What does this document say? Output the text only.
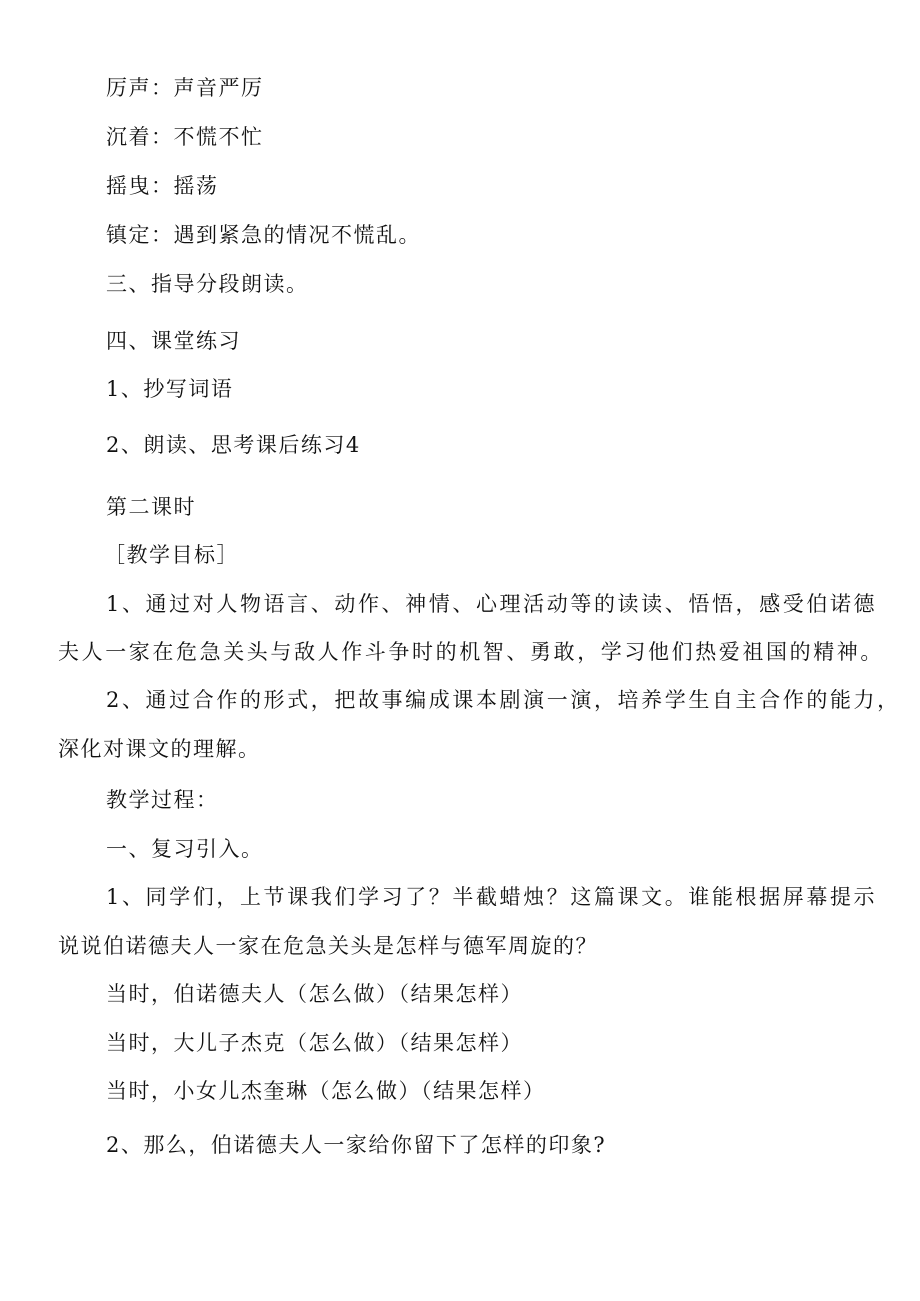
厉声：声音严厉
沉着：不慌不忙
摇曳：摇荡
镇定：遇到紧急的情况不慌乱。
三、指导分段朗读。
四、课堂练习
1、抄写词语
2、朗读、思考课后练习4
第二课时
［教学目标］
1、通过对人物语言、动作、神情、心理活动等的读读、悟悟，感受伯诺德
夫人一家在危急关头与敌人作斗争时的机智、勇敢，学习他们热爱祖国的精神。
2、通过合作的形式，把故事编成课本剧演一演，培养学生自主合作的能力，
深化对课文的理解。
教学过程：
一、复习引入。
1、同学们，上节课我们学习了？半截蜡烛？这篇课文。谁能根据屏幕提示
说说伯诺德夫人一家在危急关头是怎样与德军周旋的？
当时，伯诺德夫人（怎么做）（结果怎样）
当时，大儿子杰克（怎么做）（结果怎样）
当时，小女儿杰奎琳（怎么做）（结果怎样）
2、那么，伯诺德夫人一家给你留下了怎样的印象?
